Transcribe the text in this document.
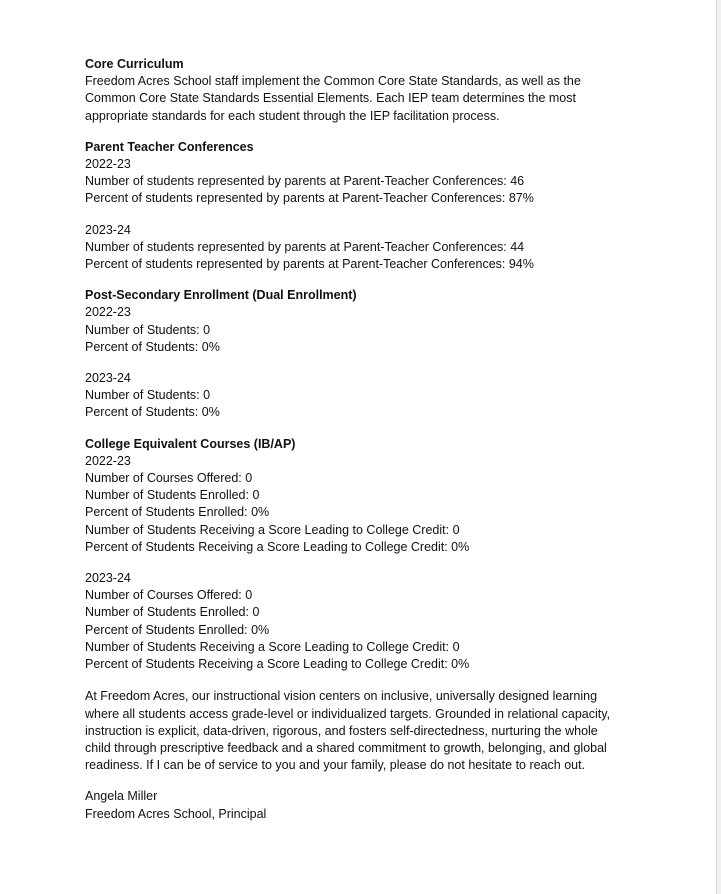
Core Curriculum
Freedom Acres School staff implement the Common Core State Standards, as well as the
Common Core State Standards Essential Elements. Each IEP team determines the most
appropriate standards for each student through the IEP facilitation process.
Parent Teacher Conferences
2022-23
Number of students represented by parents at Parent-Teacher Conferences: 46
Percent of students represented by parents at Parent-Teacher Conferences: 87%
2023-24
Number of students represented by parents at Parent-Teacher Conferences: 44
Percent of students represented by parents at Parent-Teacher Conferences: 94%
Post-Secondary Enrollment (Dual Enrollment)
2022-23
Number of Students: 0
Percent of Students: 0%
2023-24
Number of Students: 0
Percent of Students: 0%
College Equivalent Courses (IB/AP)
2022-23
Number of Courses Offered: 0
Number of Students Enrolled: 0
Percent of Students Enrolled: 0%
Number of Students Receiving a Score Leading to College Credit: 0
Percent of Students Receiving a Score Leading to College Credit: 0%
2023-24
Number of Courses Offered: 0
Number of Students Enrolled: 0
Percent of Students Enrolled: 0%
Number of Students Receiving a Score Leading to College Credit: 0
Percent of Students Receiving a Score Leading to College Credit: 0%
At Freedom Acres, our instructional vision centers on inclusive, universally designed learning
where all students access grade-level or individualized targets. Grounded in relational capacity,
instruction is explicit, data-driven, rigorous, and fosters self-directedness, nurturing the whole
child through prescriptive feedback and a shared commitment to growth, belonging, and global
readiness. If I can be of service to you and your family, please do not hesitate to reach out.
Angela Miller
Freedom Acres School, Principal
